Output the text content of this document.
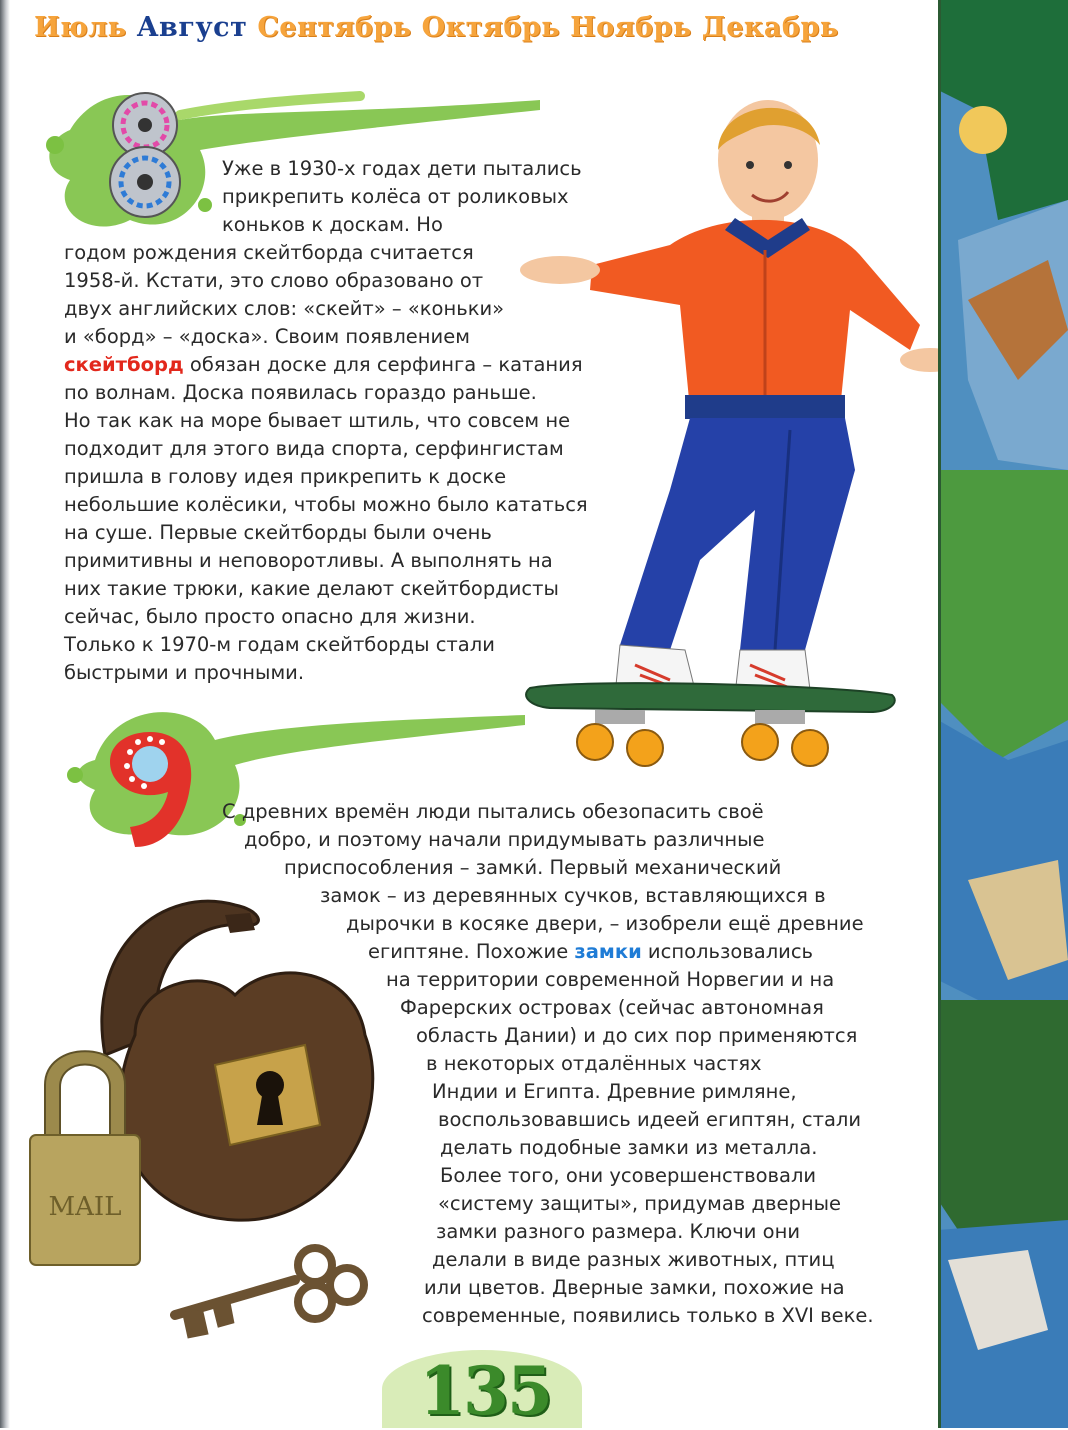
Июль Август Сентябрь Октябрь Ноябрь Декабрь
Уже в 1930-х годах дети пытались
прикрепить колёса от роликовых
коньков к доскам. Но
годом рождения скейтборда считается
1958-й. Кстати, это слово образовано от
двух английских слов: «скейт» – «коньки»
и «борд» – «доска». Своим появлением
скейтборд обязан доске для серфинга – катания
по волнам. Доска появилась гораздо раньше.
Но так как на море бывает штиль, что совсем не
подходит для этого вида спорта, серфингистам
пришла в голову идея прикрепить к доске
небольшие колёсики, чтобы можно было кататься
на суше. Первые скейтборды были очень
примитивны и неповоротливы. А выполнять на
них такие трюки, какие делают скейтбордисты
сейчас, было просто опасно для жизни.
Только к 1970-м годам скейтборды стали
быстрыми и прочными.
С древних времён люди пытались обезопасить своё
добро, и поэтому начали придумывать различные
приспособления – замки́. Первый механический
замок – из деревянных сучков, вставляющихся в
дырочки в косяке двери, – изобрели ещё древние
египтяне. Похожие замки использовались
на территории современной Норвегии и на
Фарерских островах (сейчас автономная
область Дании) и до сих пор применяются
в некоторых отдалённых частях
Индии и Египта. Древние римляне,
воспользовавшись идеей египтян, стали
делать подобные замки из металла.
Более того, они усовершенствовали
«систему защиты», придумав дверные
замки разного размера. Ключи они
делали в виде разных животных, птиц
или цветов. Дверные замки, похожие на
современные, появились только в XVI веке.
MAIL
135
